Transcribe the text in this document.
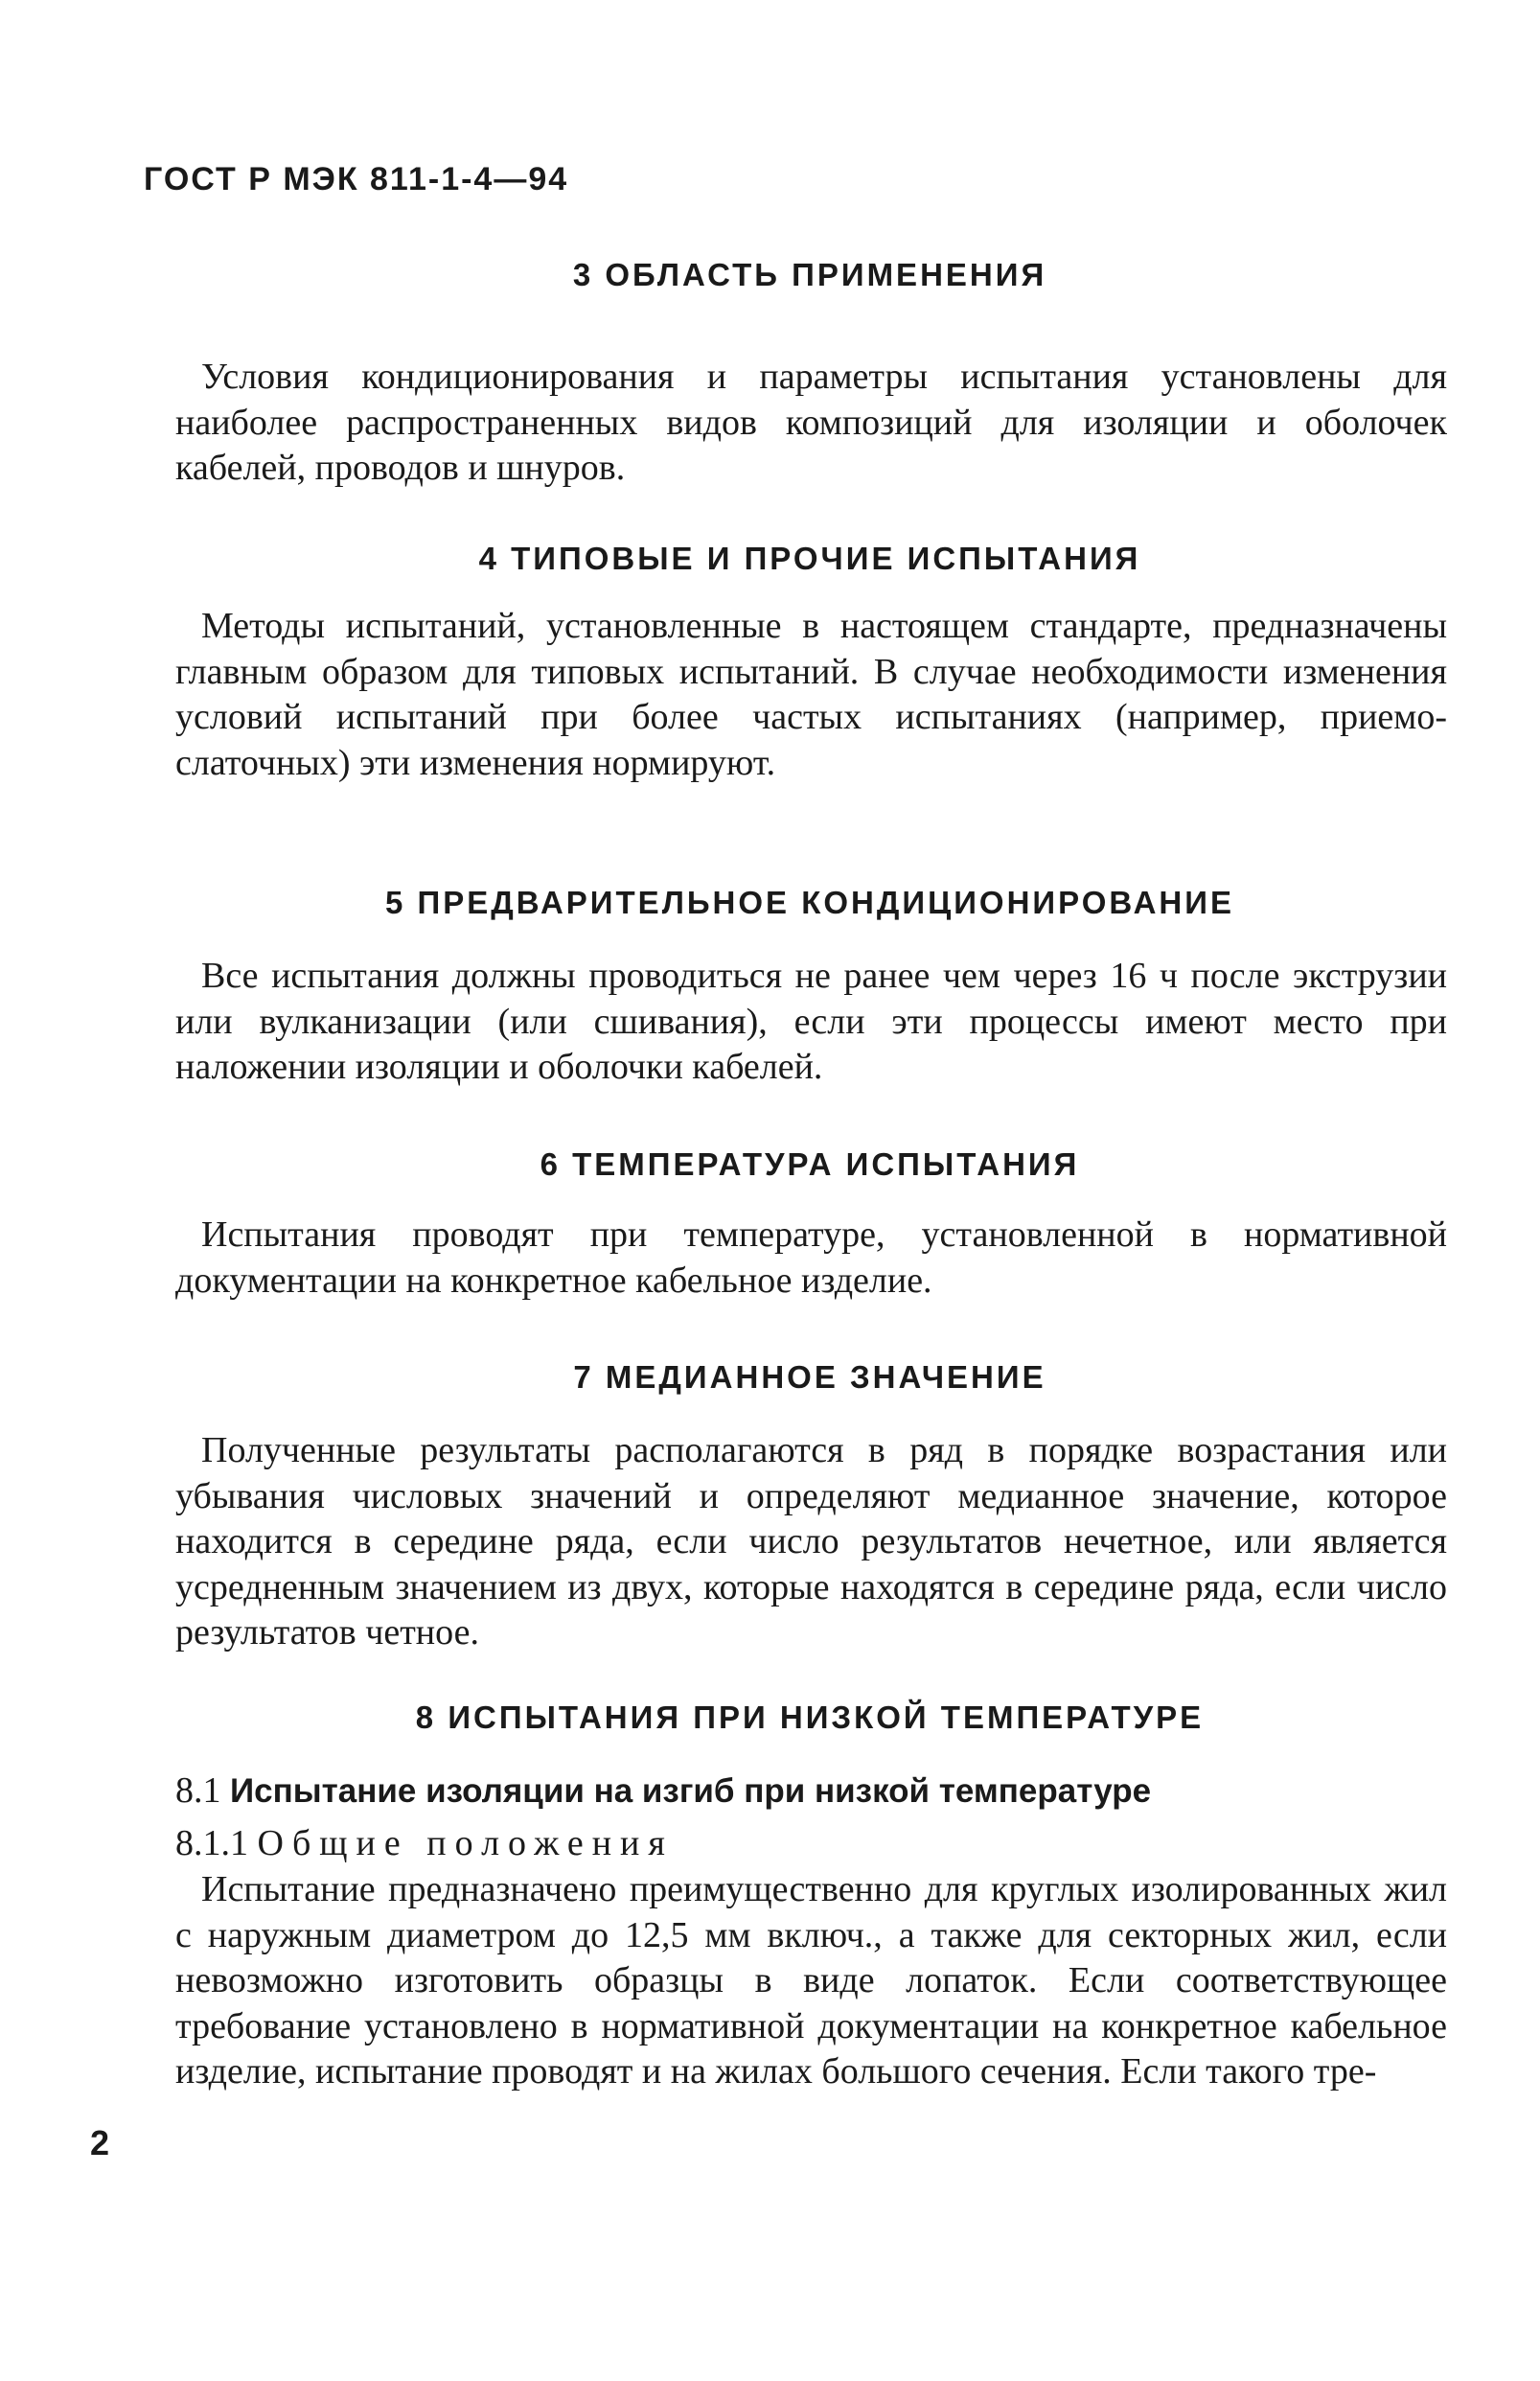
ГОСТ Р МЭК 811-1-4—94
3 ОБЛАСТЬ ПРИМЕНЕНИЯ

Условия кондиционирования и параметры испытания установлены для наиболее распространенных видов композиций для изоляции и оболочек кабелей, проводов и шнуров.

4 ТИПОВЫЕ И ПРОЧИЕ ИСПЫТАНИЯ

Методы испытаний, установленные в настоящем стандарте, предназначены главным образом для типовых испытаний. В случае необходимости изменения условий испытаний при более частых испытаниях (например, приемо-слаточных) эти изменения нормируют.

5 ПРЕДВАРИТЕЛЬНОЕ КОНДИЦИОНИРОВАНИЕ

Все испытания должны проводиться не ранее чем через 16 ч после экструзии или вулканизации (или сшивания), если эти процессы имеют место при наложении изоляции и оболочки кабелей.

6 ТЕМПЕРАТУРА ИСПЫТАНИЯ

Испытания проводят при температуре, установленной в нормативной документации на конкретное кабельное изделие.

7 МЕДИАННОЕ ЗНАЧЕНИЕ

Полученные результаты располагаются в ряд в порядке возрастания или убывания числовых значений и определяют медианное значение, которое находится в середине ряда, если число результатов нечетное, или является усредненным значением из двух, которые находятся в середине ряда, если число результатов четное.

8 ИСПЫТАНИЯ ПРИ НИЗКОЙ ТЕМПЕРАТУРЕ
8.1 Испытание изоляции на изгиб при низкой температуре
8.1.1 Общие положения

Испытание предназначено преимущественно для круглых изолированных жил с наружным диаметром до 12,5 мм включ., а также для секторных жил, если невозможно изготовить образцы в виде лопаток. Если соответствующее требование установлено в нормативной документации на конкретное кабельное изделие, испытание проводят и на жилах большого сечения. Если такого тре-

2
